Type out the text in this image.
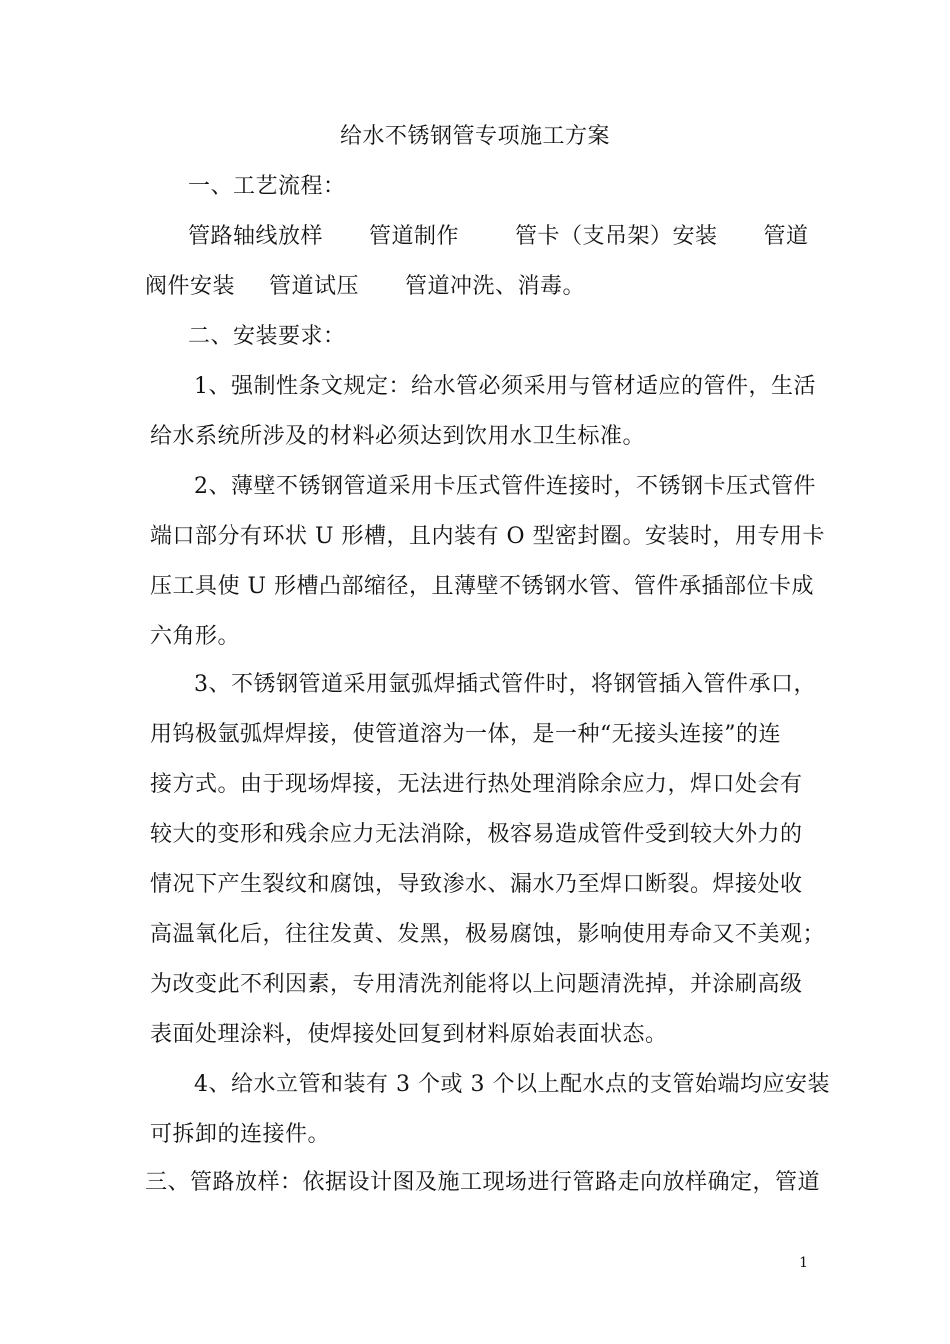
给水不锈钢管专项施工方案
一、工艺流程：
管路轴线放样 管道制作	管卡（支吊架）安装 管道
阀件安装 管道试压 管道冲洗、消毒。
二、安装要求：
1、强制性条文规定：给水管必须采用与管材适应的管件，生活
给水系统所涉及的材料必须达到饮用水卫生标准。
2、薄壁不锈钢管道采用卡压式管件连接时，不锈钢卡压式管件
端口部分有环状 U 形槽，且内装有 O 型密封圈。安装时，用专用卡
压工具使 U 形槽凸部缩径，且薄壁不锈钢水管、管件承插部位卡成
六角形。
3、不锈钢管道采用氩弧焊插式管件时，将钢管插入管件承口，
用钨极氩弧焊焊接，使管道溶为一体，是一种“无接头连接”的连
接方式。由于现场焊接，无法进行热处理消除余应力，焊口处会有
较大的变形和残余应力无法消除，极容易造成管件受到较大外力的
情况下产生裂纹和腐蚀，导致渗水、漏水乃至焊口断裂。焊接处收
高温氧化后，往往发黄、发黑，极易腐蚀，影响使用寿命又不美观；
为改变此不利因素，专用清洗剂能将以上问题清洗掉，并涂刷高级
表面处理涂料，使焊接处回复到材料原始表面状态。
4、给水立管和装有 3 个或 3 个以上配水点的支管始端均应安装
可拆卸的连接件。
三、管路放样：依据设计图及施工现场进行管路走向放样确定，管道
1
